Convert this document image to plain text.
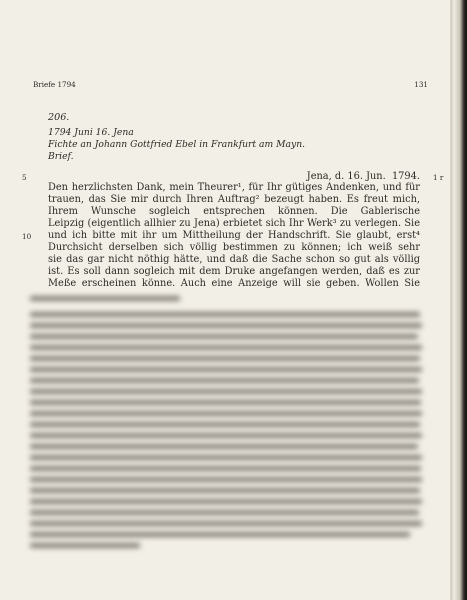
Briefe 1794	131
206.
1794 Juni 16. Jena
Fichte an Johann Gottfried Ebel in Frankfurt am Mayn.
Brief.
Jena, d. 16. Jun.  1794. 1 r
5
Den herzlichsten Dank, mein Theurer¹, für Ihr gütiges Andenken, und für
trauen, das Sie mir durch Ihren Auftrag² bezeugt haben. Es freut mich,
Ihrem Wunsche sogleich entsprechen können. Die Gablerische
Leipzig (eigentlich allhier zu Jena) erbietet sich Ihr Werk³ zu verlegen. Sie
und ich bitte mit ihr um Mittheilung der Handschrift. Sie glaubt, erst⁴
10
Durchsicht derselben sich völlig bestimmen zu können; ich weiß sehr
sie das gar nicht nöthig hätte, und daß die Sache schon so gut als völlig
ist. Es soll dann sogleich mit dem Druke angefangen werden, daß es zur
Meße erscheinen könne. Auch eine Anzeige will sie geben. Wollen Sie
